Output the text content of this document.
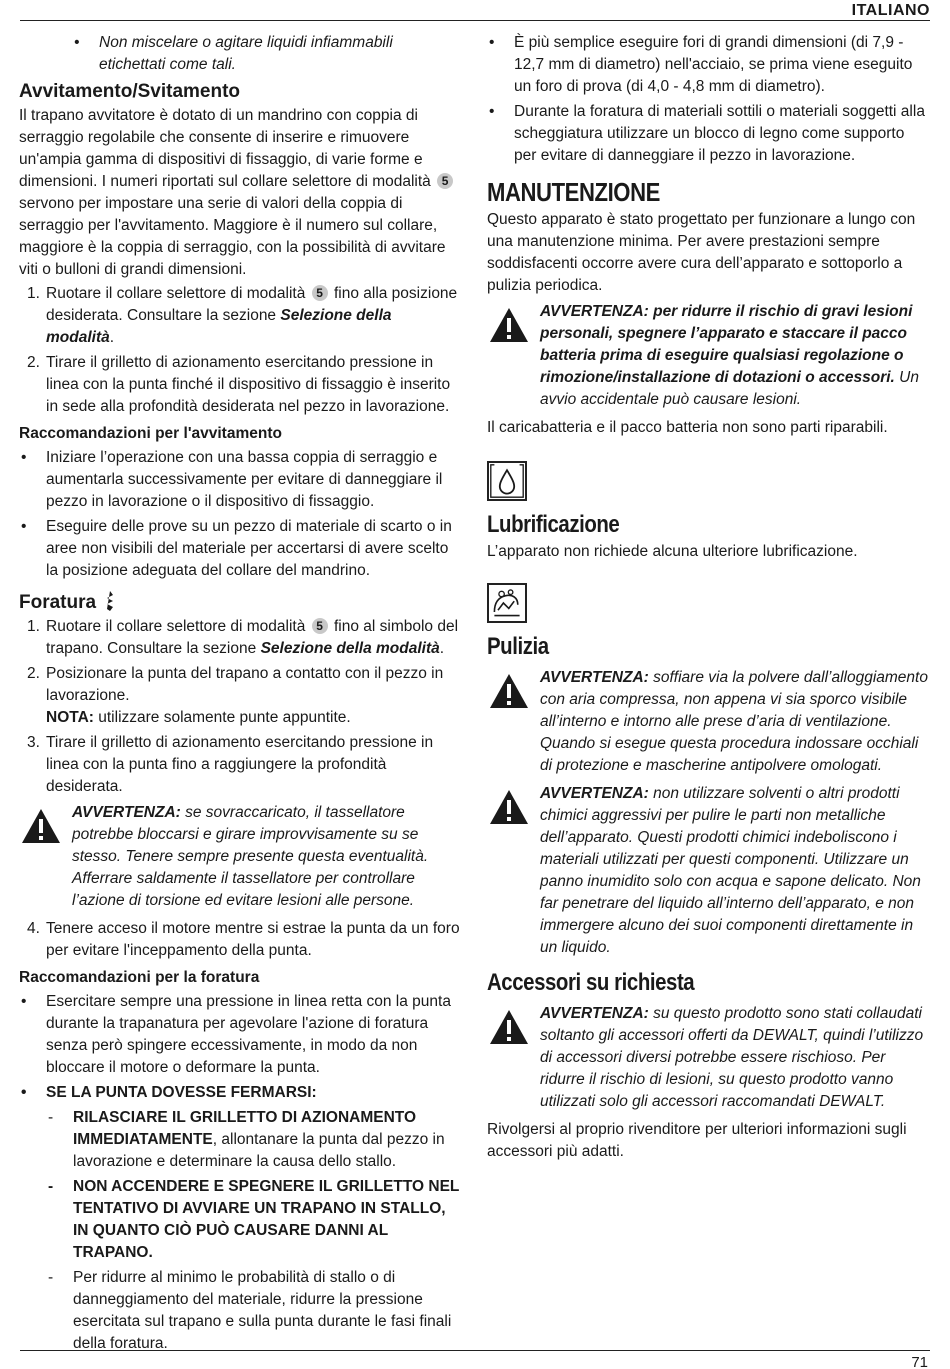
ITALIANO
• Non miscelare o agitare liquidi infiammabili etichettati come tali.
Avvitamento/Svitamento

Il trapano avvitatore è dotato di un mandrino con coppia di serraggio regolabile che consente di inserire e rimuovere un'ampia gamma di dispositivi di fissaggio, di varie forme e dimensioni. I numeri riportati sul collare selettore di modalità 5 servono per impostare una serie di valori della coppia di serraggio per l'avvitamento. Maggiore è il numero sul collare, maggiore è la coppia di serraggio, con la possibilità di avvitare viti o bulloni di grandi dimensioni.

1. Ruotare il collare selettore di modalità 5 fino alla posizione desiderata. Consultare la sezione Selezione della modalità.
2. Tirare il grilletto di azionamento esercitando pressione in linea con la punta finché il dispositivo di fissaggio è inserito in sede alla profondità desiderata nel pezzo in lavorazione.
Raccomandazioni per l'avvitamento
• Iniziare l’operazione con una bassa coppia di serraggio e aumentarla successivamente per evitare di danneggiare il pezzo in lavorazione o il dispositivo di fissaggio.
• Eseguire delle prove su un pezzo di materiale di scarto o in aree non visibili del materiale per accertarsi di avere scelto la posizione adeguata del collare del mandrino.
Foratura
1. Ruotare il collare selettore di modalità 5 fino al simbolo del trapano. Consultare la sezione Selezione della modalità.
2. Posizionare la punta del trapano a contatto con il pezzo in lavorazione.
NOTA: utilizzare solamente punte appuntite.
3. Tirare il grilletto di azionamento esercitando pressione in linea con la punta fino a raggiungere la profondità desiderata.
AVVERTENZA: se sovraccaricato, il tassellatore potrebbe bloccarsi e girare improvvisamente su se stesso. Tenere sempre presente questa eventualità. Afferrare saldamente il tassellatore per controllare l’azione di torsione ed evitare lesioni alle persone.
4. Tenere acceso il motore mentre si estrae la punta da un foro per evitare l'inceppamento della punta.
Raccomandazioni per la foratura
• Esercitare sempre una pressione in linea retta con la punta durante la trapanatura per agevolare l'azione di foratura senza però spingere eccessivamente, in modo da non bloccare il motore o deformare la punta.
• SE LA PUNTA DOVESSE FERMARSI:
- RILASCIARE IL GRILLETTO DI AZIONAMENTO IMMEDIATAMENTE, allontanare la punta dal pezzo in lavorazione e determinare la causa dello stallo.
- NON ACCENDERE E SPEGNERE IL GRILLETTO NEL TENTATIVO DI AVVIARE UN TRAPANO IN STALLO, IN QUANTO CIÒ PUÒ CAUSARE DANNI AL TRAPANO.
- Per ridurre al minimo le probabilità di stallo o di danneggiamento del materiale, ridurre la pressione esercitata sul trapano e sulla punta durante le fasi finali della foratura.
• È più semplice eseguire fori di grandi dimensioni (di 7,9 - 12,7 mm di diametro) nell'acciaio, se prima viene eseguito un foro di prova (di 4,0 - 4,8 mm di diametro).
• Durante la foratura di materiali sottili o materiali soggetti alla scheggiatura utilizzare un blocco di legno come supporto per evitare di danneggiare il pezzo in lavorazione.
MANUTENZIONE

Questo apparato è stato progettato per funzionare a lungo con una manutenzione minima. Per avere prestazioni sempre soddisfacenti occorre avere cura dell’apparato e sottoporlo a pulizia periodica.

AVVERTENZA: per ridurre il rischio di gravi lesioni personali, spegnere l’apparato e staccare il pacco batteria prima di eseguire qualsiasi regolazione o rimozione/installazione di dotazioni o accessori. Un avvio accidentale può causare lesioni.

Il caricabatteria e il pacco batteria non sono parti riparabili.

Lubrificazione

L’apparato non richiede alcuna ulteriore lubrificazione.

Pulizia
AVVERTENZA: soffiare via la polvere dall’alloggiamento con aria compressa, non appena vi sia sporco visibile all’interno e intorno alle prese d’aria di ventilazione. Quando si esegue questa procedura indossare occhiali di protezione e mascherine antipolvere omologati.
AVVERTENZA: non utilizzare solventi o altri prodotti chimici aggressivi per pulire le parti non metalliche dell’apparato. Questi prodotti chimici indeboliscono i materiali utilizzati per questi componenti. Utilizzare un panno inumidito solo con acqua e sapone delicato. Non far penetrare del liquido all’interno dell’apparato, e non immergere alcuno dei suoi componenti direttamente in un liquido.
Accessori su richiesta
AVVERTENZA: su questo prodotto sono stati collaudati soltanto gli accessori offerti da DEWALT, quindi l’utilizzo di accessori diversi potrebbe essere rischioso. Per ridurre il rischio di lesioni, su questo prodotto vanno utilizzati solo gli accessori raccomandati DEWALT.

Rivolgersi al proprio rivenditore per ulteriori informazioni sugli accessori più adatti.

71
